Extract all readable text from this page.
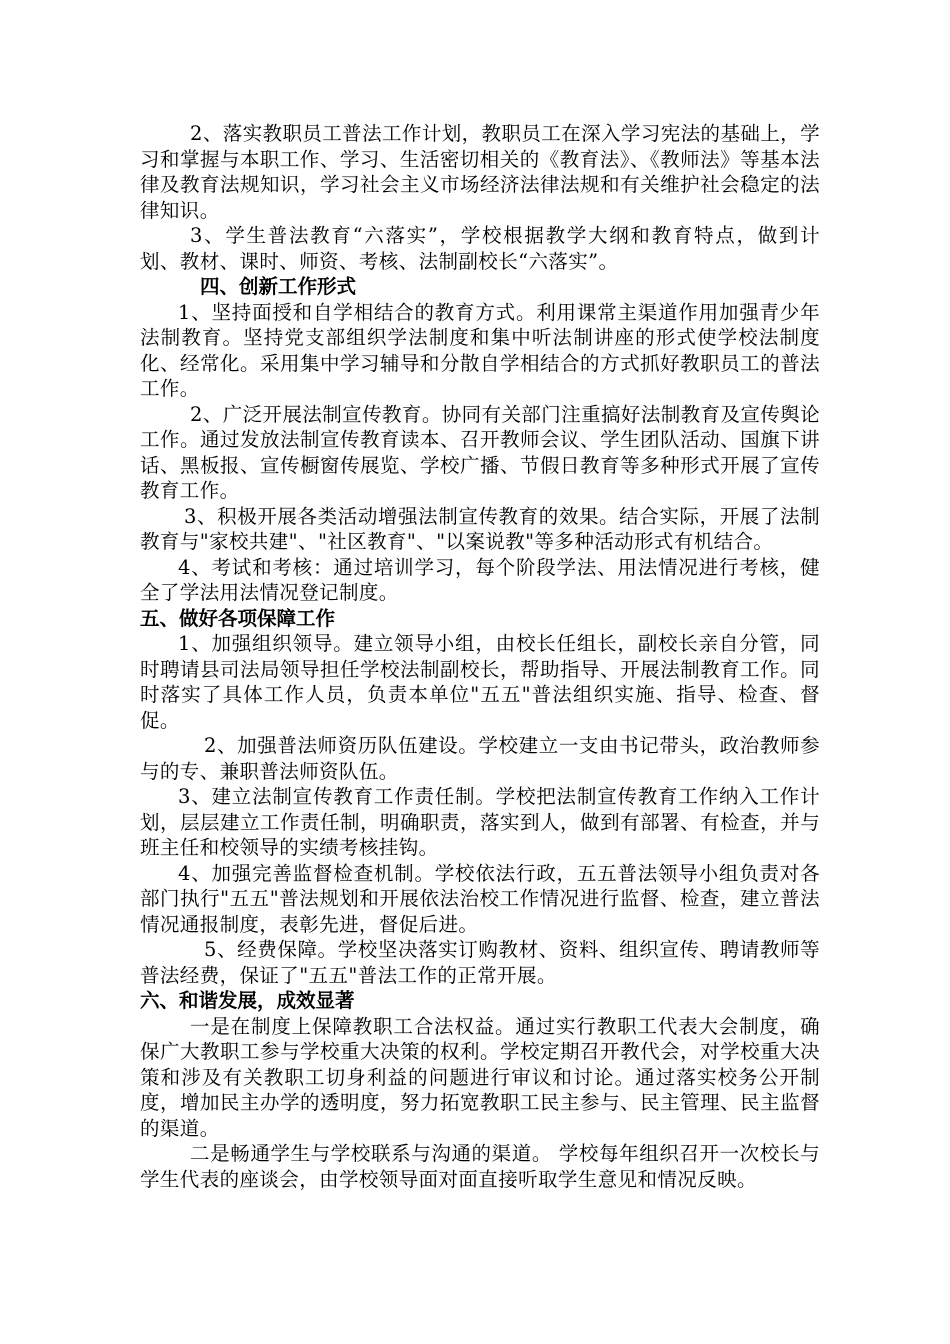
2、落实教职员工普法工作计划，教职员工在深入学习宪法的基础上，学习和掌握与本职工作、学习、生活密切相关的《教育法》、《教师法》等基本法律及教育法规知识，学习社会主义市场经济法律法规和有关维护社会稳定的法律知识。

3、学生普法教育“六落实”，学校根据教学大纲和教育特点，做到计划、教材、课时、师资、考核、法制副校长“六落实”。

四、创新工作形式

1、坚持面授和自学相结合的教育方式。利用课常主渠道作用加强青少年法制教育。坚持党支部组织学法制度和集中听法制讲座的形式使学校法制度化、经常化。采用集中学习辅导和分散自学相结合的方式抓好教职员工的普法工作。

2、广泛开展法制宣传教育。协同有关部门注重搞好法制教育及宣传舆论工作。通过发放法制宣传教育读本、召开教师会议、学生团队活动、国旗下讲话、黑板报、宣传橱窗传展览、学校广播、节假日教育等多种形式开展了宣传教育工作。

3、积极开展各类活动增强法制宣传教育的效果。结合实际，开展了法制教育与"家校共建"、"社区教育"、"以案说教"等多种活动形式有机结合。

4、考试和考核：通过培训学习，每个阶段学法、用法情况进行考核，健全了学法用法情况登记制度。

五、做好各项保障工作

1、加强组织领导。建立领导小组，由校长任组长，副校长亲自分管，同时聘请县司法局领导担任学校法制副校长，帮助指导、开展法制教育工作。同时落实了具体工作人员，负责本单位"五五"普法组织实施、指导、检查、督促。

2、加强普法师资历队伍建设。学校建立一支由书记带头，政治教师参与的专、兼职普法师资队伍。

3、建立法制宣传教育工作责任制。学校把法制宣传教育工作纳入工作计划，层层建立工作责任制，明确职责，落实到人，做到有部署、有检查，并与班主任和校领导的实绩考核挂钩。

4、加强完善监督检查机制。学校依法行政，五五普法领导小组负责对各部门执行"五五"普法规划和开展依法治校工作情况进行监督、检查，建立普法情况通报制度，表彰先进，督促后进。

5、经费保障。学校坚决落实订购教材、资料、组织宣传、聘请教师等普法经费，保证了"五五"普法工作的正常开展。

六、和谐发展，成效显著

一是在制度上保障教职工合法权益。通过实行教职工代表大会制度，确保广大教职工参与学校重大决策的权利。学校定期召开教代会，对学校重大决策和涉及有关教职工切身利益的问题进行审议和讨论。通过落实校务公开制度，增加民主办学的透明度，努力拓宽教职工民主参与、民主管理、民主监督的渠道。

二是畅通学生与学校联系与沟通的渠道。 学校每年组织召开一次校长与学生代表的座谈会，由学校领导面对面直接听取学生意见和情况反映。
